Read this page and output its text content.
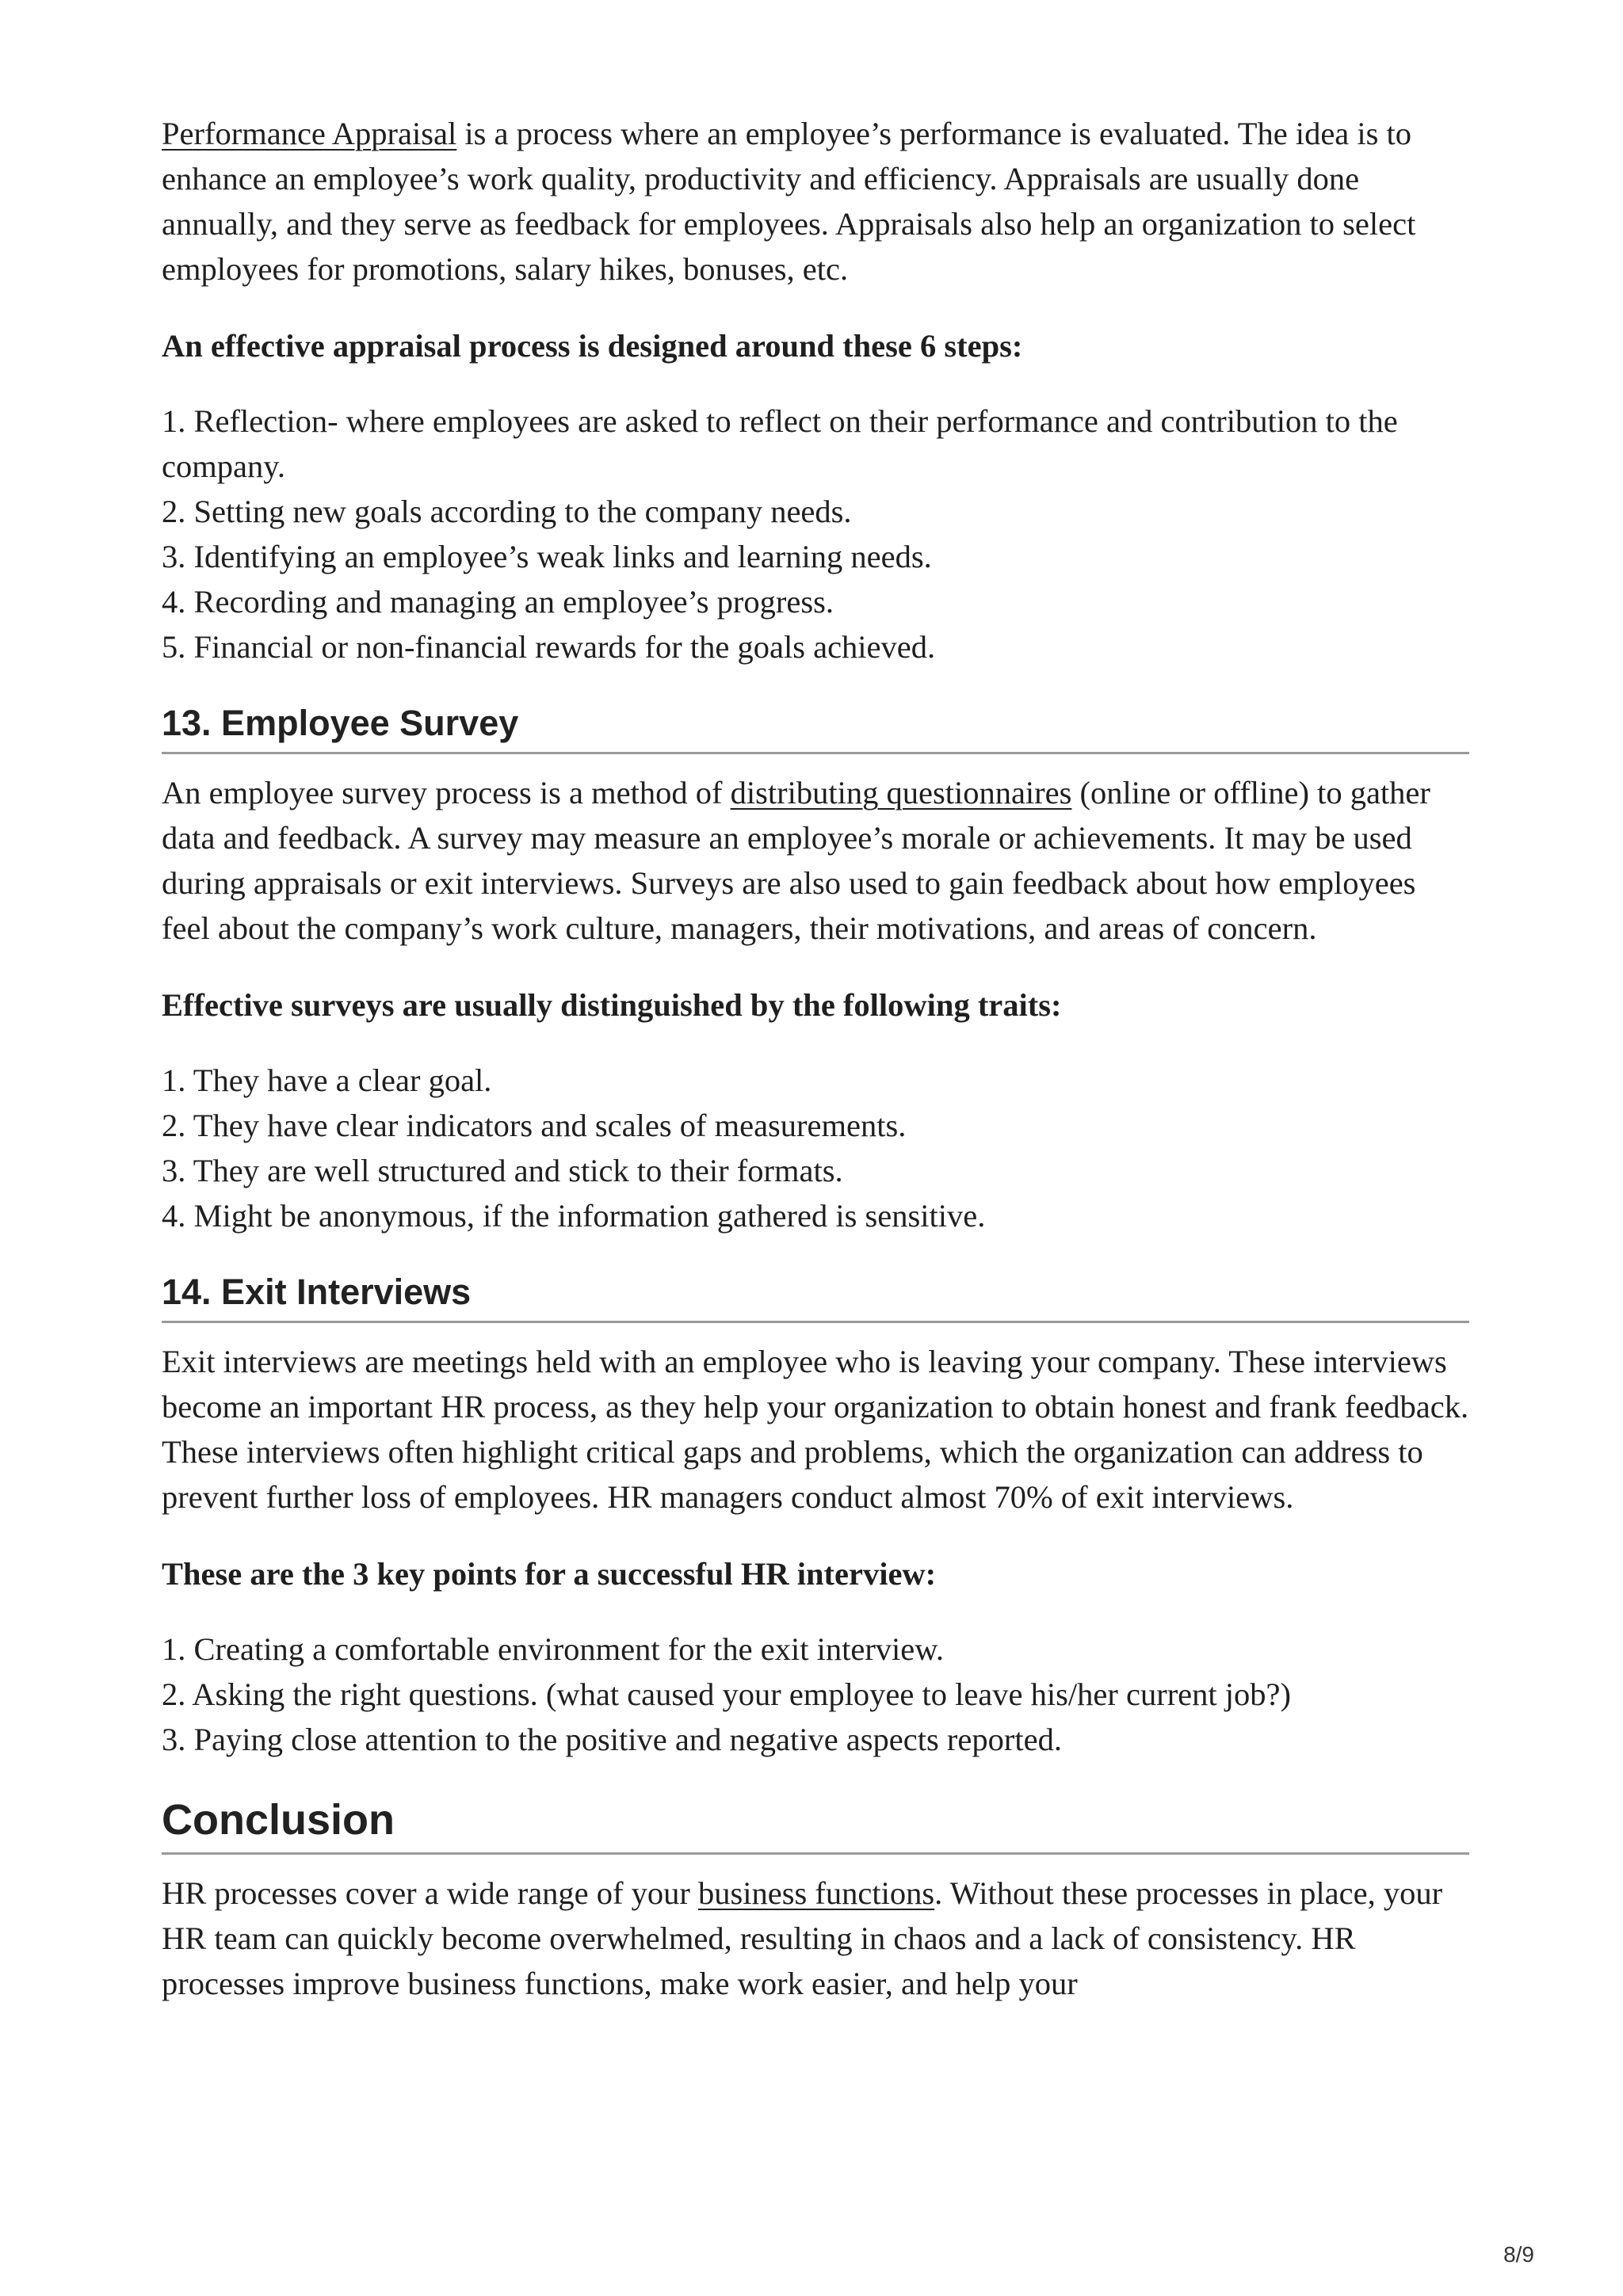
Performance Appraisal is a process where an employee’s performance is evaluated. The idea is to enhance an employee’s work quality, productivity and efficiency. Appraisals are usually done annually, and they serve as feedback for employees. Appraisals also help an organization to select employees for promotions, salary hikes, bonuses, etc.

An effective appraisal process is designed around these 6 steps:

1. Reflection- where employees are asked to reflect on their performance and contribution to the company.
2. Setting new goals according to the company needs.
3. Identifying an employee’s weak links and learning needs.
4. Recording and managing an employee’s progress.
5. Financial or non-financial rewards for the goals achieved.
13. Employee Survey

An employee survey process is a method of distributing questionnaires (online or offline) to gather data and feedback. A survey may measure an employee’s morale or achievements. It may be used during appraisals or exit interviews. Surveys are also used to gain feedback about how employees feel about the company’s work culture, managers, their motivations, and areas of concern.

Effective surveys are usually distinguished by the following traits:

1. They have a clear goal.
2. They have clear indicators and scales of measurements.
3. They are well structured and stick to their formats.
4. Might be anonymous, if the information gathered is sensitive.
14. Exit Interviews

Exit interviews are meetings held with an employee who is leaving your company. These interviews become an important HR process, as they help your organization to obtain honest and frank feedback. These interviews often highlight critical gaps and problems, which the organization can address to prevent further loss of employees. HR managers conduct almost 70% of exit interviews.

These are the 3 key points for a successful HR interview:

1. Creating a comfortable environment for the exit interview.
2. Asking the right questions. (what caused your employee to leave his/her current job?)
3. Paying close attention to the positive and negative aspects reported.
Conclusion

HR processes cover a wide range of your business functions. Without these processes in place, your HR team can quickly become overwhelmed, resulting in chaos and a lack of consistency. HR processes improve business functions, make work easier, and help your

8/9
